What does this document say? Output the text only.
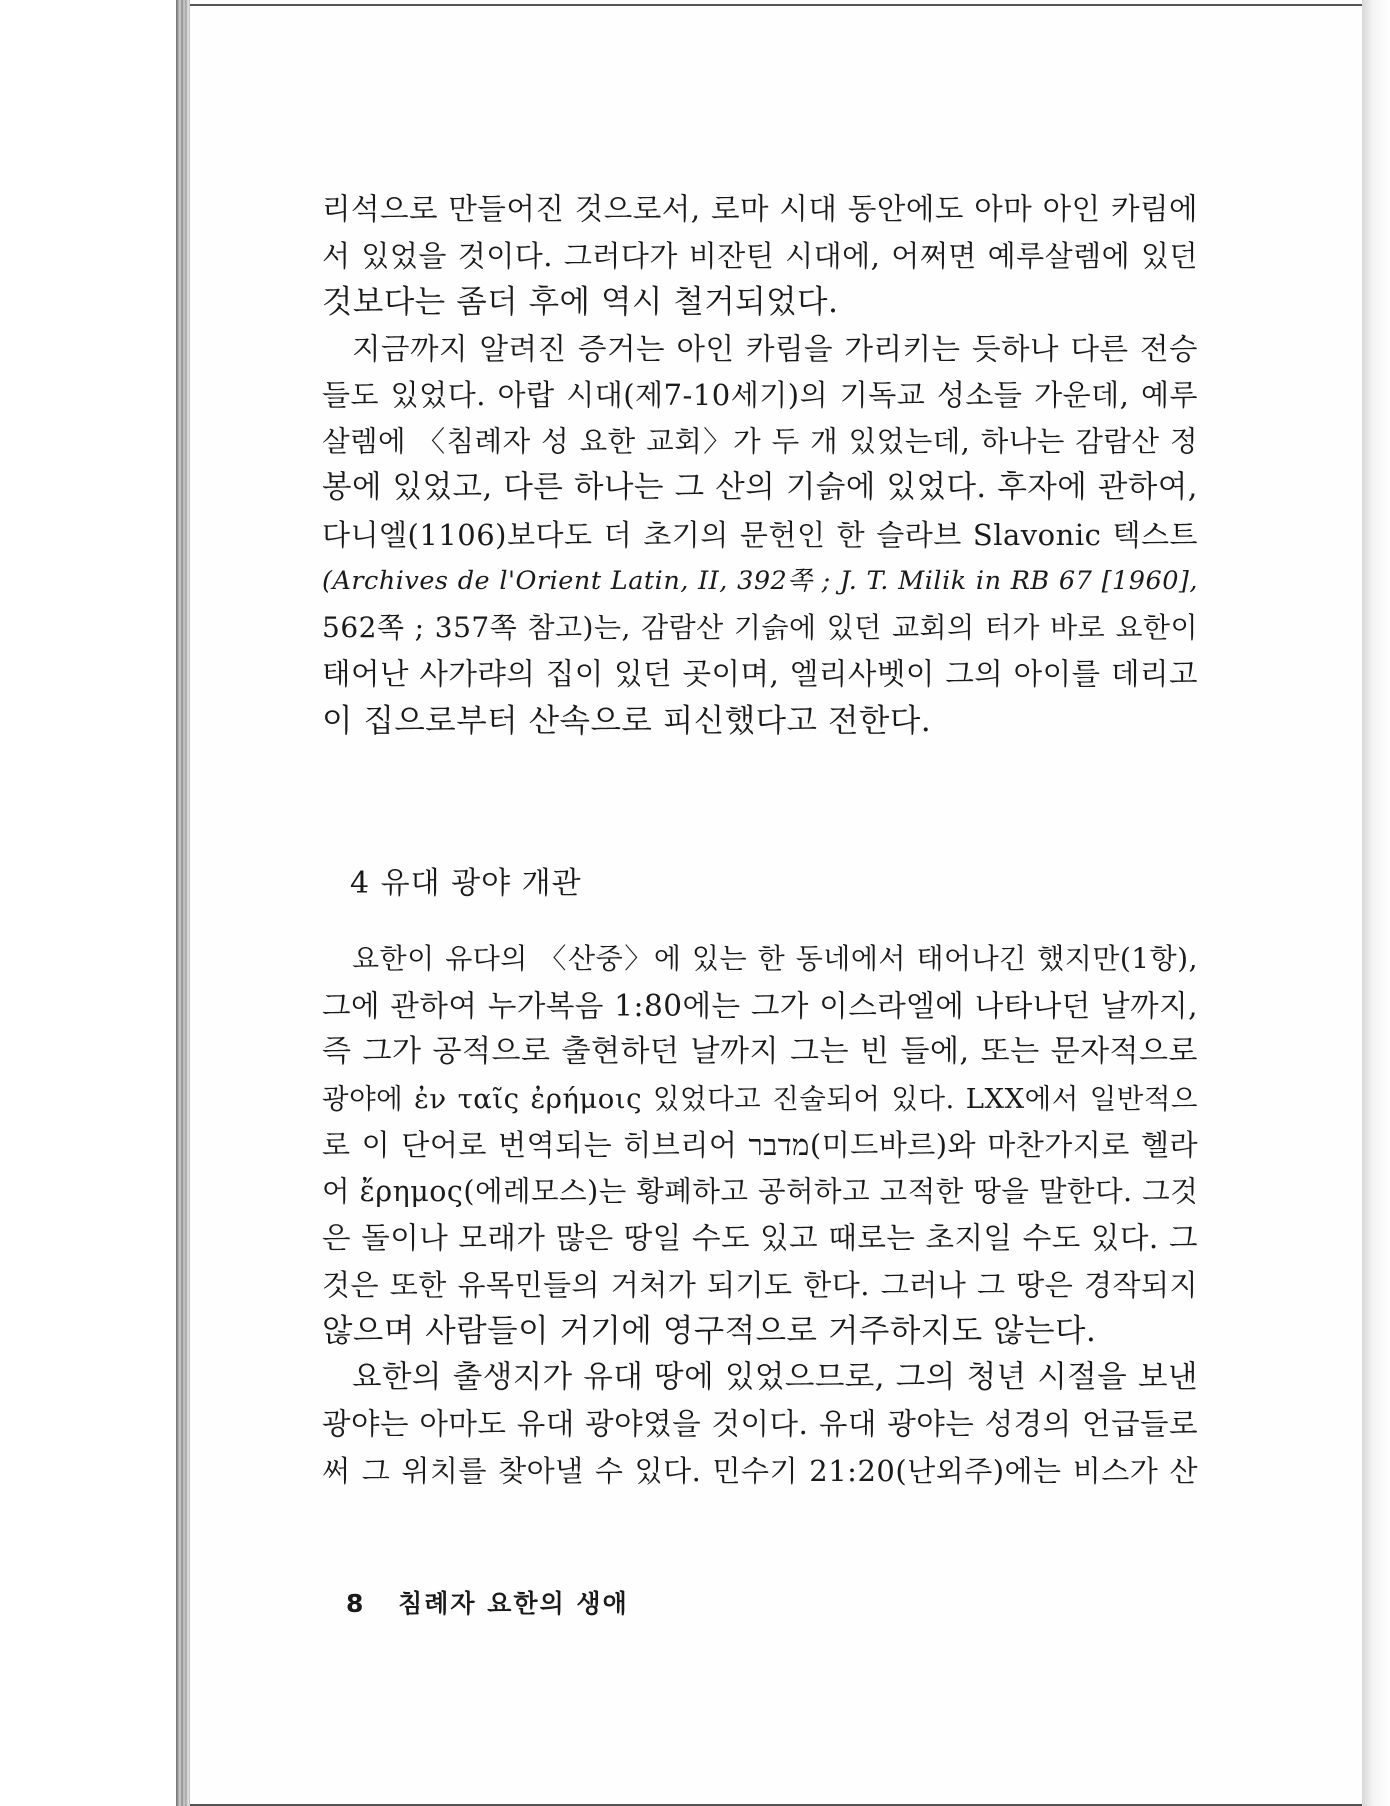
리석으로 만들어진 것으로서, 로마 시대 동안에도 아마 아인 카림에
서 있었을 것이다. 그러다가 비잔틴 시대에, 어쩌면 예루살렘에 있던
것보다는 좀더 후에 역시 철거되었다.
지금까지 알려진 증거는 아인 카림을 가리키는 듯하나 다른 전승
들도 있었다. 아랍 시대(제7-10세기)의 기독교 성소들 가운데, 예루
살렘에 〈침례자 성 요한 교회〉가 두 개 있었는데, 하나는 감람산 정
봉에 있었고, 다른 하나는 그 산의 기슭에 있었다. 후자에 관하여,
다니엘(1106)보다도 더 초기의 문헌인 한 슬라브 Slavonic 텍스트
(Archives de l'Orient Latin, II, 392쪽 ; J. T. Milik in RB 67 [1960],
562쪽 ; 357쪽 참고)는, 감람산 기슭에 있던 교회의 터가 바로 요한이
태어난 사가랴의 집이 있던 곳이며, 엘리사벳이 그의 아이를 데리고
이 집으로부터 산속으로 피신했다고 전한다.
4 유대 광야 개관
요한이 유다의 〈산중〉에 있는 한 동네에서 태어나긴 했지만(1항),
그에 관하여 누가복음 1:80에는 그가 이스라엘에 나타나던 날까지,
즉 그가 공적으로 출현하던 날까지 그는 빈 들에, 또는 문자적으로
광야에 ἐν ταῖς ἐρήμοις 있었다고 진술되어 있다. LXX에서 일반적으
로 이 단어로 번역되는 히브리어 מדבר(미드바르)와 마찬가지로 헬라
어 ἔρημος(에레모스)는 황폐하고 공허하고 고적한 땅을 말한다. 그것
은 돌이나 모래가 많은 땅일 수도 있고 때로는 초지일 수도 있다. 그
것은 또한 유목민들의 거처가 되기도 한다. 그러나 그 땅은 경작되지
않으며 사람들이 거기에 영구적으로 거주하지도 않는다.
요한의 출생지가 유대 땅에 있었으므로, 그의 청년 시절을 보낸
광야는 아마도 유대 광야였을 것이다. 유대 광야는 성경의 언급들로
써 그 위치를 찾아낼 수 있다. 민수기 21:20(난외주)에는 비스가 산
8 침례자 요한의 생애
